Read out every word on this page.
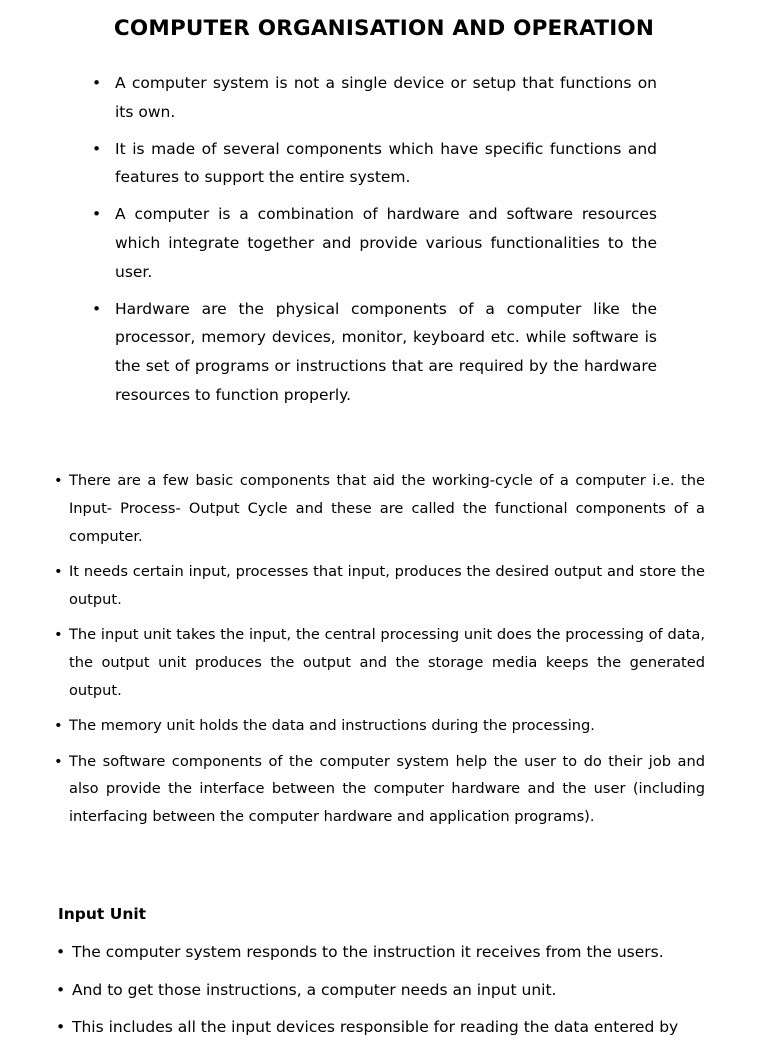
COMPUTER ORGANISATION AND OPERATION
• A computer system is not a single device or setup that functions on its own.
• It is made of several components which have specific functions and features to support the entire system.
• A computer is a combination of hardware and software resources which integrate together and provide various functionalities to the user.
• Hardware are the physical components of a computer like the processor, memory devices, monitor, keyboard etc. while software is the set of programs or instructions that are required by the hardware resources to function properly.
• There are a few basic components that aid the working-cycle of a computer i.e. the Input- Process- Output Cycle and these are called the functional components of a computer.
• It needs certain input, processes that input, produces the desired output and store the output.
• The input unit takes the input, the central processing unit does the processing of data, the output unit produces the output and the storage media keeps the generated output.
• The memory unit holds the data and instructions during the processing.
• The software components of the computer system help the user to do their job and also provide the interface between the computer hardware and the user (including interfacing between the computer hardware and application programs).
Input Unit
• The computer system responds to the instruction it receives from the users.
• And to get those instructions, a computer needs an input unit.
• This includes all the input devices responsible for reading the data entered by
